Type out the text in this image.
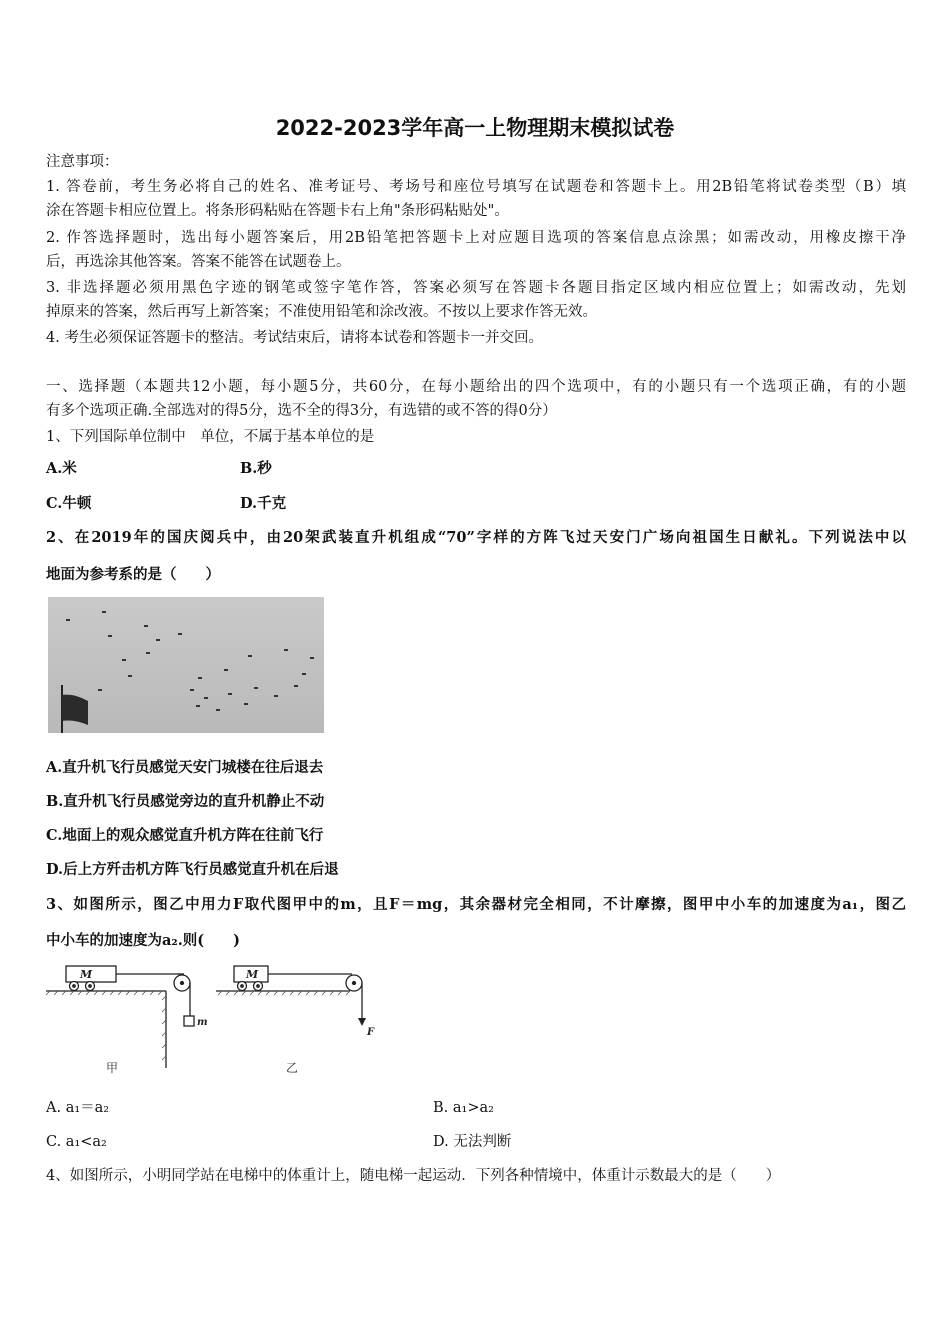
2022-2023学年高一上物理期末模拟试卷
注意事项：
1. 答卷前，考生务必将自己的姓名、准考证号、考场号和座位号填写在试题卷和答题卡上。用2B铅笔将试卷类型（B）填
涂在答题卡相应位置上。将条形码粘贴在答题卡右上角"条形码粘贴处"。
2. 作答选择题时，选出每小题答案后，用2B铅笔把答题卡上对应题目选项的答案信息点涂黑；如需改动，用橡皮擦干净
后，再选涂其他答案。答案不能答在试题卷上。
3. 非选择题必须用黑色字迹的钢笔或签字笔作答，答案必须写在答题卡各题目指定区域内相应位置上；如需改动，先划
掉原来的答案，然后再写上新答案；不准使用铅笔和涂改液。不按以上要求作答无效。
4. 考生必须保证答题卡的整洁。考试结束后，请将本试卷和答题卡一并交回。
一、选择题（本题共12小题，每小题5分，共60分，在每小题给出的四个选项中，有的小题只有一个选项正确，有的小题
有多个选项正确.全部选对的得5分，选不全的得3分，有选错的或不答的得0分）
1、下列国际单位制中　单位，不属于基本单位的是
A.米	B.秒
C.牛顿	D.千克
2、在2019年的国庆阅兵中，由20架武装直升机组成“70”字样的方阵飞过天安门广场向祖国生日献礼。下列说法中以
地面为参考系的是（　　）
A.直升机飞行员感觉天安门城楼在往后退去
B.直升机飞行员感觉旁边的直升机静止不动
C.地面上的观众感觉直升机方阵在往前飞行
D.后上方歼击机方阵飞行员感觉直升机在后退
3、如图所示，图乙中用力F取代图甲中的m，且F＝mg，其余器材完全相同，不计摩擦，图甲中小车的加速度为a₁，图乙
中小车的加速度为a₂.则(　　)
M	M
m
F
甲	乙
A. a₁＝a₂	B. a₁>a₂
C. a₁<a₂	D. 无法判断
4、如图所示，小明同学站在电梯中的体重计上，随电梯一起运动．下列各种情境中，体重计示数最大的是（　　）
